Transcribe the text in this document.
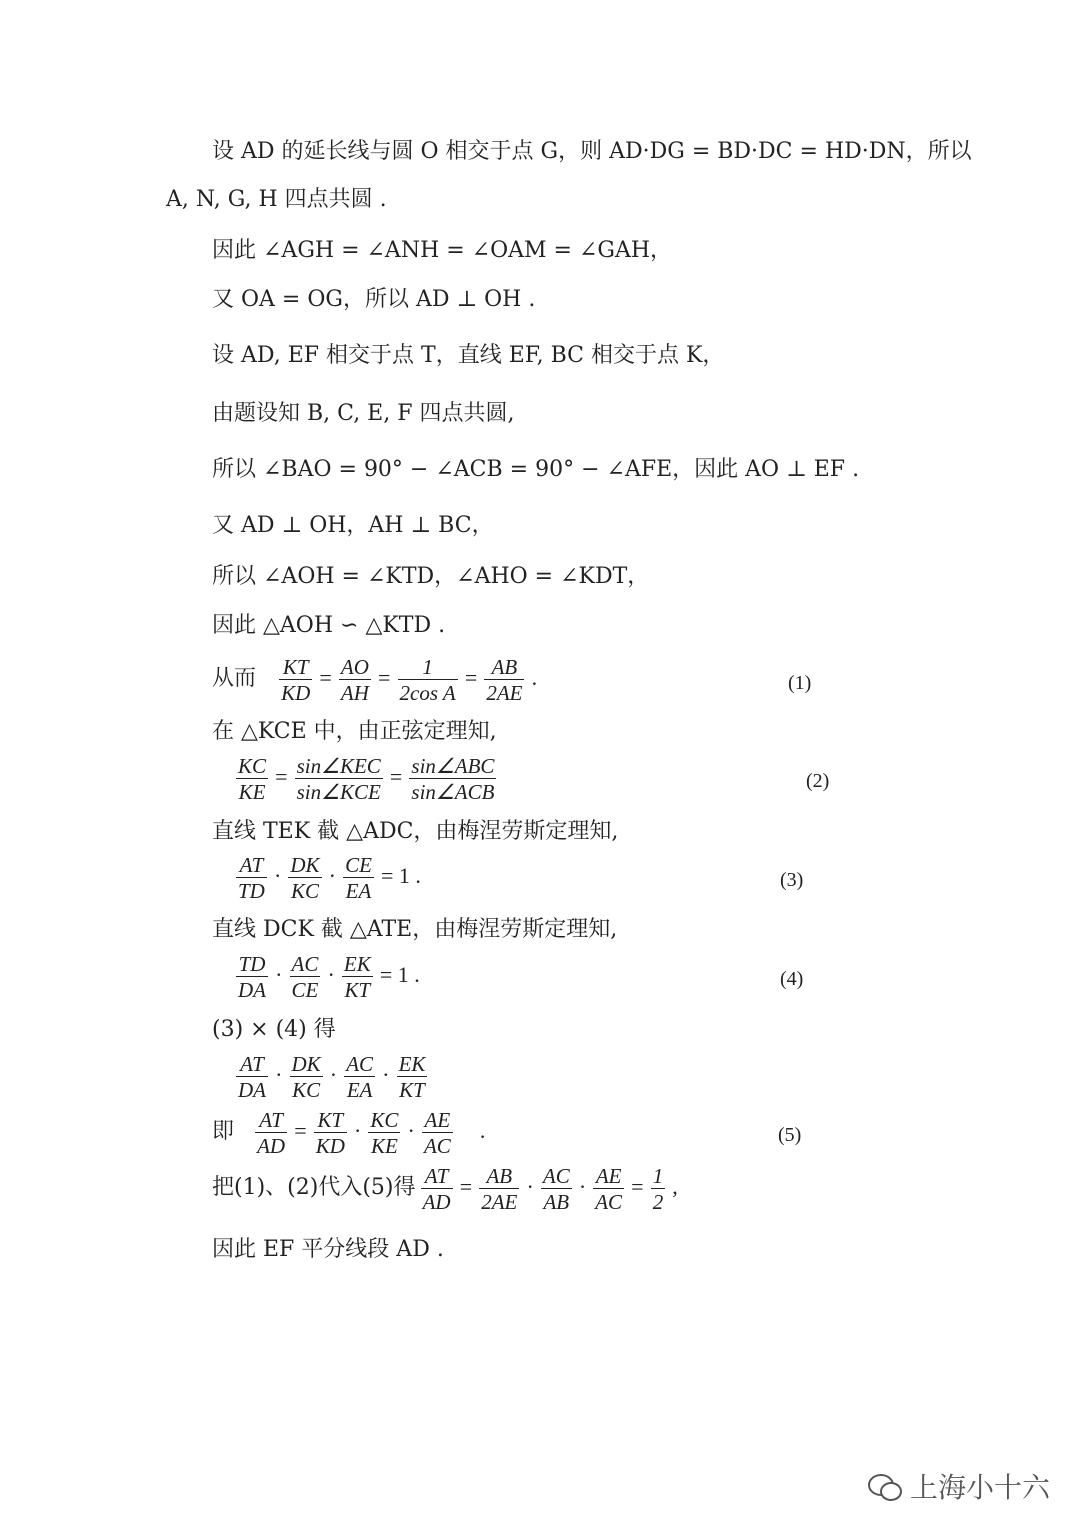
设 AD 的延长线与圆 O 相交于点 G，则 AD·DG = BD·DC = HD·DN，所以
A, N, G, H 四点共圆 .
因此 ∠AGH = ∠ANH = ∠OAM = ∠GAH，
又 OA = OG，所以 AD ⊥ OH .
设 AD, EF 相交于点 T，直线 EF, BC 相交于点 K，
由题设知 B, C, E, F 四点共圆,
所以 ∠BAO = 90° − ∠ACB = 90° − ∠AFE，因此 AO ⊥ EF .
又 AD ⊥ OH，AH ⊥ BC，
所以 ∠AOH = ∠KTD，∠AHO = ∠KDT，
因此 △AOH ∽ △KTD .
从而 $\frac{KT}{KD} = \frac{AO}{AH} = \frac{1}{\text{2cos A}} = \frac{AB}{2AE}$ .	(1)
在 △KCE 中，由正弦定理知,
$\frac{KC}{KE} = \frac{\text{sin∠KEC}}{\text{sin∠KCE}} = \frac{\text{sin∠ABC}}{\text{sin∠ACB}}$	(2)
直线 TEK 截 △ADC，由梅涅劳斯定理知,
$\frac{AT}{TD} \cdot \frac{DK}{KC} \cdot \frac{CE}{EA} = 1$ .	(3)
直线 DCK 截 △ATE，由梅涅劳斯定理知,
$\frac{TD}{DA} \cdot \frac{AC}{CE} \cdot \frac{EK}{KT} = 1$ .	(4)
(3) × (4) 得
$\frac{AT}{DA} \cdot \frac{DK}{KC} \cdot \frac{AC}{EA} \cdot \frac{EK}{KT}$
即 $\frac{AT}{AD} = \frac{KT}{KD} \cdot \frac{KC}{KE} \cdot \frac{AE}{AC}$ .	(5)
把(1)、(2)代入(5)得 $\frac{AT}{AD} = \frac{AB}{2AE} \cdot \frac{AC}{AB} \cdot \frac{AE}{AC} = \frac{1}{2}$ ,
因此 EF 平分线段 AD .
上海小十六
